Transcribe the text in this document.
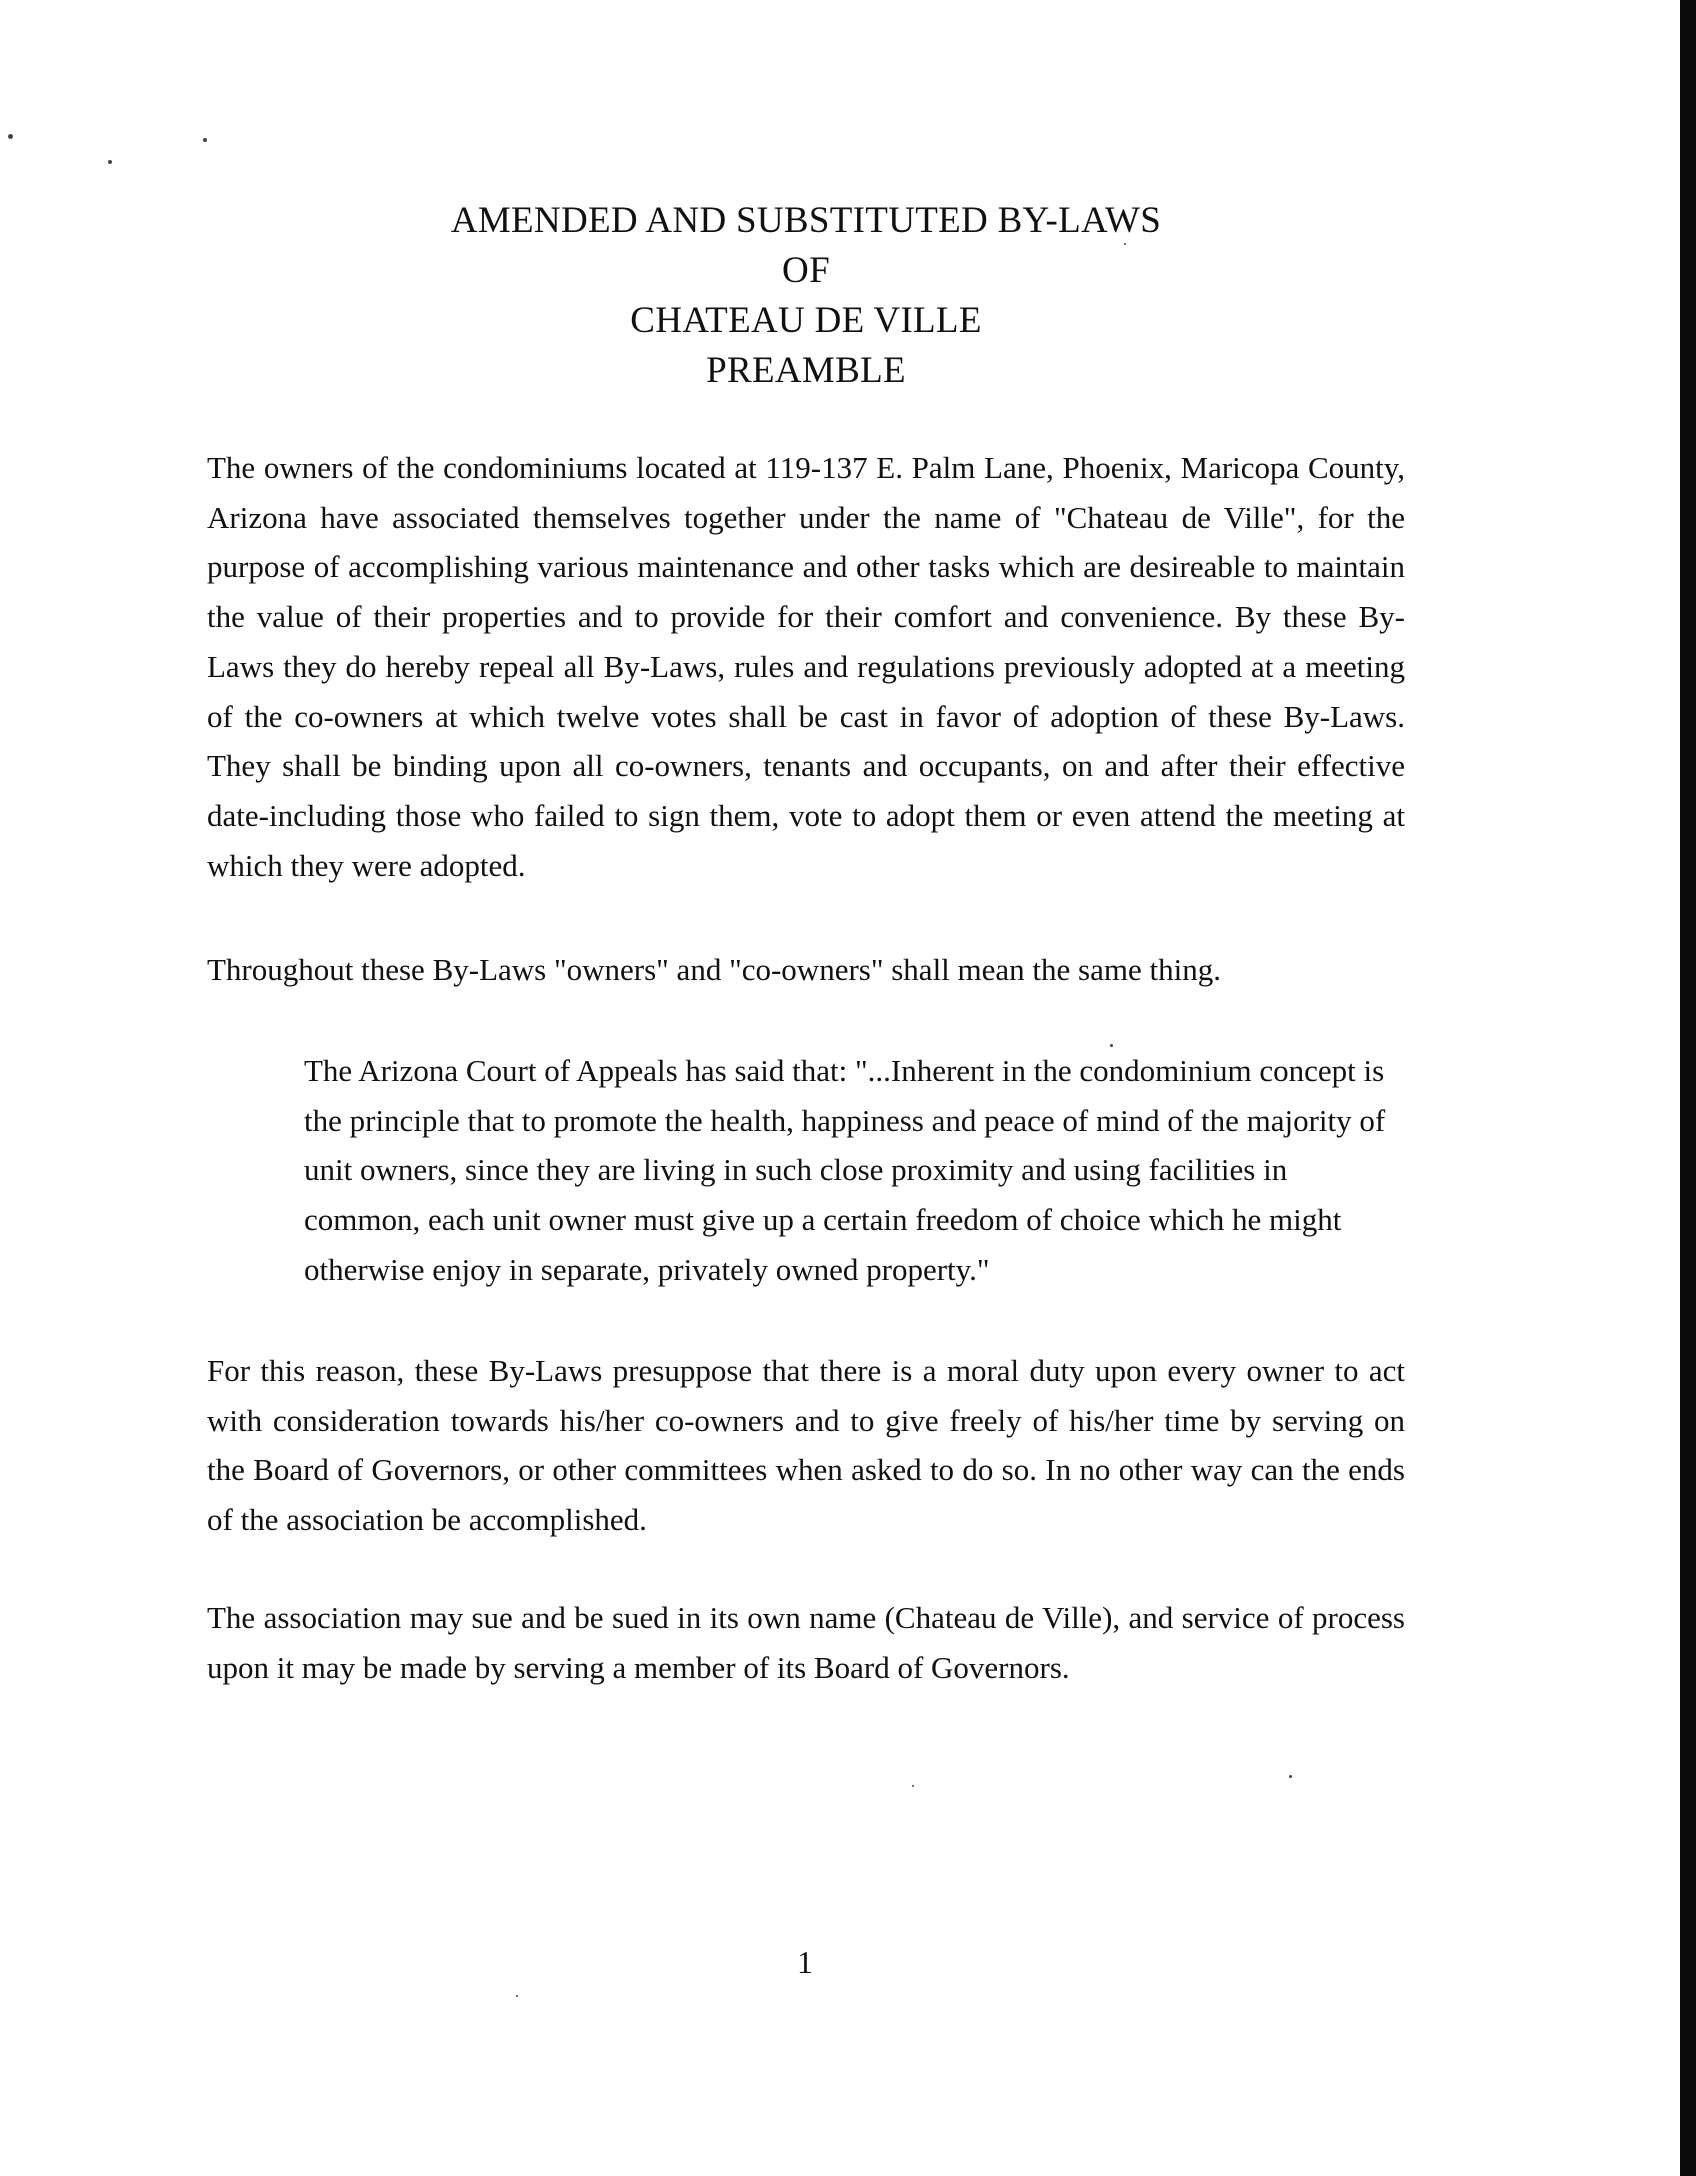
AMENDED AND SUBSTITUTED BY-LAWS
OF
CHATEAU DE VILLE
PREAMBLE

The owners of the condominiums located at 119-137 E. Palm Lane, Phoenix, Maricopa County, Arizona have associated themselves together under the name of "Chateau de Ville", for the purpose of accomplishing various maintenance and other tasks which are desireable to maintain the value of their properties and to provide for their comfort and convenience. By these By-Laws they do hereby repeal all By-Laws, rules and regulations previously adopted at a meeting of the co-owners at which twelve votes shall be cast in favor of adoption of these By-Laws. They shall be binding upon all co-owners, tenants and occupants, on and after their effective date-including those who failed to sign them, vote to adopt them or even attend the meeting at which they were adopted.

Throughout these By-Laws "owners" and "co-owners" shall mean the same thing.

The Arizona Court of Appeals has said that: "...Inherent in the condominium concept is the principle that to promote the health, happiness and peace of mind of the majority of unit owners, since they are living in such close proximity and using facilities in common, each unit owner must give up a certain freedom of choice which he might otherwise enjoy in separate, privately owned property."

For this reason, these By-Laws presuppose that there is a moral duty upon every owner to act with consideration towards his/her co-owners and to give freely of his/her time by serving on the Board of Governors, or other committees when asked to do so. In no other way can the ends of the association be accomplished.

The association may sue and be sued in its own name (Chateau de Ville), and service of process upon it may be made by serving a member of its Board of Governors.

1
